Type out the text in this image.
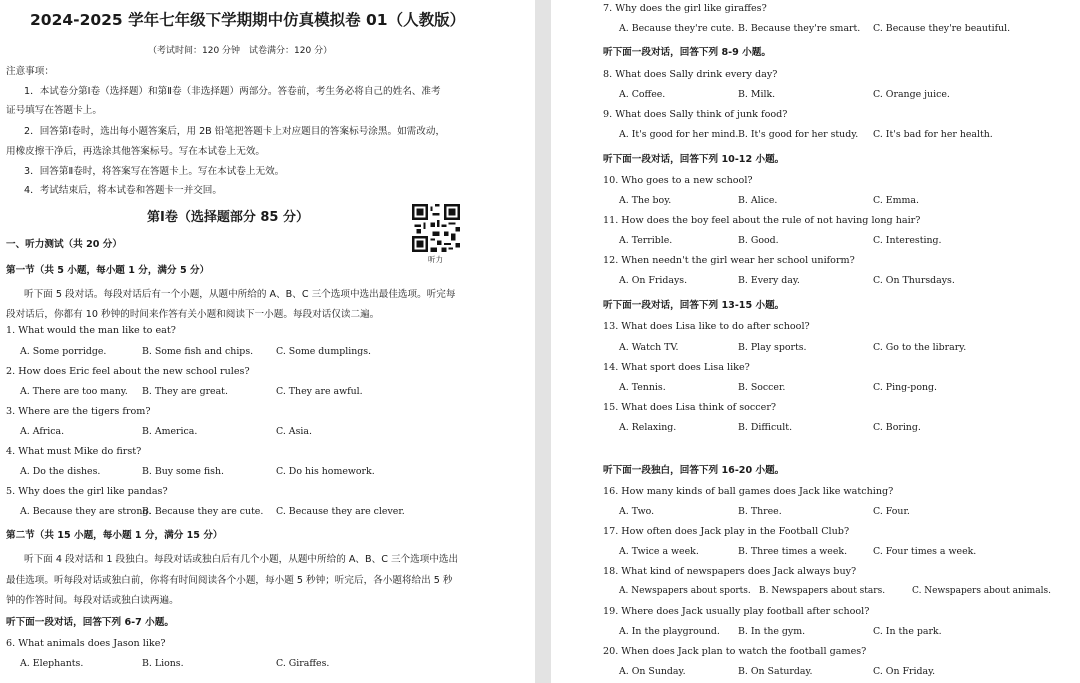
2024-2025 学年七年级下学期期中仿真模拟卷 01（人教版）
（考试时间：120 分钟　试卷满分：120 分）
注意事项：
1．本试卷分第Ⅰ卷（选择题）和第Ⅱ卷（非选择题）两部分。答卷前，考生务必将自己的姓名、准考
证号填写在答题卡上。
2．回答第Ⅰ卷时，选出每小题答案后，用 2B 铅笔把答题卡上对应题目的答案标号涂黑。如需改动，
用橡皮擦干净后，再选涂其他答案标号。写在本试卷上无效。
3．回答第Ⅱ卷时，将答案写在答题卡上。写在本试卷上无效。
4．考试结束后，将本试卷和答题卡一并交回。
第Ⅰ卷（选择题部分 85 分）
听力
一、听力测试（共 20 分）
第一节（共 5 小题，每小题 1 分，满分 5 分）
听下面 5 段对话。每段对话后有一个小题，从题中所给的 A、B、C 三个选项中选出最佳选项。听完每
段对话后，你都有 10 秒钟的时间来作答有关小题和阅读下一小题。每段对话仅读二遍。
1. What would the man like to eat?
A. Some porridge.	B. Some fish and chips. C. Some dumplings.
2. How does Eric feel about the new school rules?
A. There are too many. B. They are great.	C. They are awful.
3. Where are the tigers from?
A. Africa.	B. America.	C. Asia.
4. What must Mike do first?
A. Do the dishes.	B. Buy some fish.	C. Do his homework.
5. Why does the girl like pandas?
A. Because they are strong.
B. Because they are cute. C. Because they are clever.
第二节（共 15 小题，每小题 1 分，满分 15 分）
听下面 4 段对话和 1 段独白。每段对话或独白后有几个小题，从题中所给的 A、B、C 三个选项中选出
最佳选项。听每段对话或独白前，你将有时间阅读各个小题，每小题 5 秒钟；听完后，各小题将给出 5 秒
钟的作答时间。每段对话或独白读两遍。
听下面一段对话，回答下列 6-7 小题。
6. What animals does Jason like?
A. Elephants.	B. Lions.	C. Giraffes.
7. Why does the girl like giraffes?
A. Because they're cute. B. Because they're smart. C. Because they're beautiful.
听下面一段对话，回答下列 8-9 小题。
8. What does Sally drink every day?
A. Coffee.	B. Milk.	C. Orange juice.
9. What does Sally think of junk food?
A. It's good for her mind. B. It's good for her study. C. It's bad for her health.
听下面一段对话，回答下列 10-12 小题。
10. Who goes to a new school?
A. The boy.	B. Alice.	C. Emma.
11. How does the boy feel about the rule of not having long hair?
A. Terrible.	B. Good.	C. Interesting.
12. When needn't the girl wear her school uniform?
A. On Fridays.	B. Every day.	C. On Thursdays.
听下面一段对话，回答下列 13-15 小题。
13. What does Lisa like to do after school?
A. Watch TV.	B. Play sports.	C. Go to the library.
14. What sport does Lisa like?
A. Tennis.	B. Soccer.	C. Ping-pong.
15. What does Lisa think of soccer?
A. Relaxing.	B. Difficult.	C. Boring.
听下面一段独白，回答下列 16-20 小题。
16. How many kinds of ball games does Jack like watching?
A. Two.	B. Three.	C. Four.
17. How often does Jack play in the Football Club?
A. Twice a week.	B. Three times a week.	C. Four times a week.
18. What kind of newspapers does Jack always buy?
A. Newspapers about sports. B. Newspapers about stars.	C. Newspapers about animals.
19. Where does Jack usually play football after school?
A. In the playground. B. In the gym.	C. In the park.
20. When does Jack plan to watch the football games?
A. On Sunday.	B. On Saturday.	C. On Friday.
